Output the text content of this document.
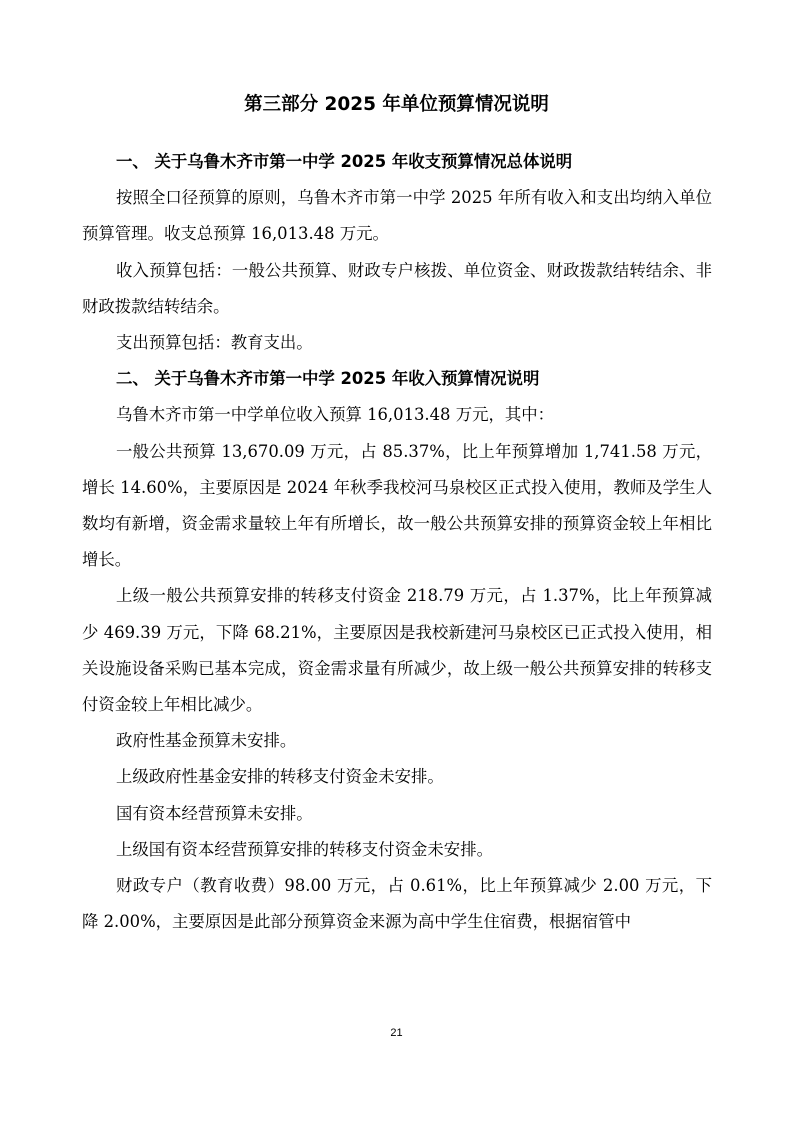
第三部分 2025 年单位预算情况说明

一、 关于乌鲁木齐市第一中学 2025 年收支预算情况总体说明

按照全口径预算的原则，乌鲁木齐市第一中学 2025 年所有收入和支出均纳入单位预算管理。收支总预算 16,013.48 万元。

收入预算包括：一般公共预算、财政专户核拨、单位资金、财政拨款结转结余、非财政拨款结转结余。

支出预算包括：教育支出。

二、 关于乌鲁木齐市第一中学 2025 年收入预算情况说明

乌鲁木齐市第一中学单位收入预算 16,013.48 万元，其中：

一般公共预算 13,670.09 万元，占 85.37%，比上年预算增加 1,741.58 万元，增长 14.60%，主要原因是 2024 年秋季我校河马泉校区正式投入使用，教师及学生人数均有新增，资金需求量较上年有所增长，故一般公共预算安排的预算资金较上年相比增长。

上级一般公共预算安排的转移支付资金 218.79 万元，占 1.37%，比上年预算减少 469.39 万元，下降 68.21%，主要原因是我校新建河马泉校区已正式投入使用，相关设施设备采购已基本完成，资金需求量有所减少，故上级一般公共预算安排的转移支付资金较上年相比减少。

政府性基金预算未安排。

上级政府性基金安排的转移支付资金未安排。

国有资本经营预算未安排。

上级国有资本经营预算安排的转移支付资金未安排。

财政专户（教育收费）98.00 万元，占 0.61%，比上年预算减少 2.00 万元，下降 2.00%，主要原因是此部分预算资金来源为高中学生住宿费，根据宿管中

21
